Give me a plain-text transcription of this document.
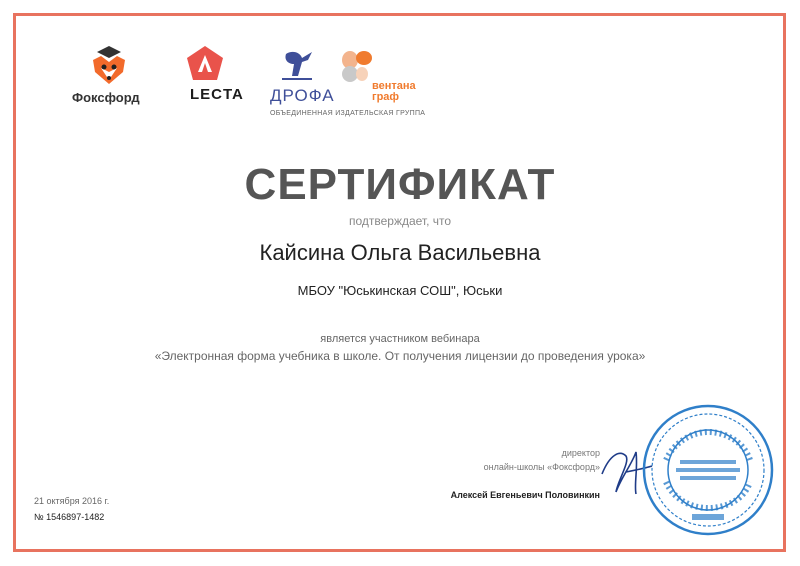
Фоксфорд	LECTA ДРОФА	вентана
граф
ОБЪЕДИНЕННАЯ ИЗДАТЕЛЬСКАЯ ГРУППА
СЕРТИФИКАТ
подтверждает, что
Кайсина Ольга Васильевна
МБОУ "Юськинская СОШ", Юськи
является участником вебинара
«Электронная форма учебника в школе. От получения лицензии до проведения урока»
директор
онлайн-школы «Фоксфорд»
Алексей Евгеньевич Половинкин
21 октября 2016 г.
№ 1546897-1482
